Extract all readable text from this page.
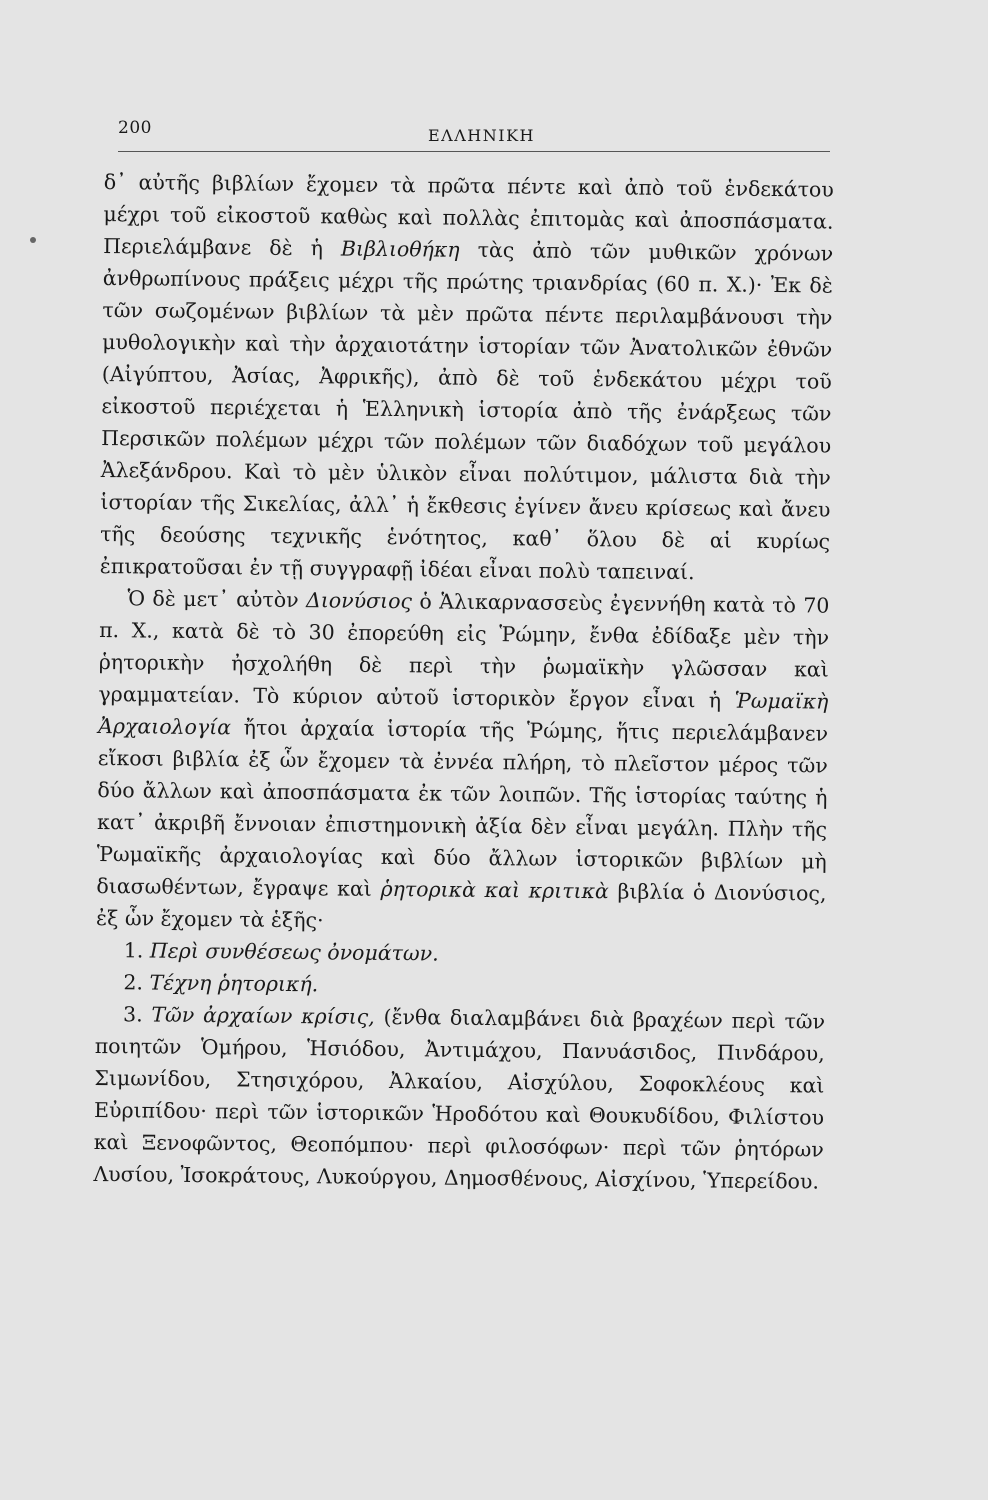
200	ΕΛΛΗΝΙΚΗ

δ᾽ αὐτῆς βιβλίων ἔχομεν τὰ πρῶτα πέντε καὶ ἀπὸ τοῦ ἑνδεκάτου μέχρι τοῦ εἰκοστοῦ καθὼς καὶ πολλὰς ἐπιτομὰς καὶ ἀποσπάσματα. Περιελάμβανε δὲ ἡ Βιβλιοθήκη τὰς ἀπὸ τῶν μυθικῶν χρόνων ἀνθρωπίνους πράξεις μέχρι τῆς πρώτης τριανδρίας (60 π. Χ.)· Ἐκ δὲ τῶν σωζομένων βιβλίων τὰ μὲν πρῶτα πέντε περιλαμβάνουσι τὴν μυθολογικὴν καὶ τὴν ἀρχαιοτάτην ἱστορίαν τῶν Ἀνατολικῶν ἐθνῶν (Αἰγύπτου, Ἀσίας, Ἀφρικῆς), ἀπὸ δὲ τοῦ ἑνδεκάτου μέχρι τοῦ εἰκοστοῦ περιέχεται ἡ Ἑλληνικὴ ἱστορία ἀπὸ τῆς ἐνάρξεως τῶν Περσικῶν πολέμων μέχρι τῶν πολέμων τῶν διαδόχων τοῦ μεγάλου Ἀλεξάνδρου. Καὶ τὸ μὲν ὑλικὸν εἶναι πολύτιμον, μάλιστα διὰ τὴν ἱστορίαν τῆς Σικελίας, ἀλλ᾽ ἡ ἔκθεσις ἐγίνεν ἄνευ κρίσεως καὶ ἄνευ τῆς δεούσης τεχνικῆς ἑνότητος, καθ᾽ ὅλου δὲ αἱ κυρίως ἐπικρατοῦσαι ἐν τῇ συγγραφῇ ἰδέαι εἶναι πολὺ ταπειναί.

Ὁ δὲ μετ᾽ αὐτὸν Διονύσιος ὁ Ἁλικαρνασσεὺς ἐγεννήθη κατὰ τὸ 70 π. Χ., κατὰ δὲ τὸ 30 ἐπορεύθη εἰς Ῥώμην, ἔνθα ἐδίδαξε μὲν τὴν ῥητορικὴν ἠσχολήθη δὲ περὶ τὴν ῥωμαϊκὴν γλῶσσαν καὶ γραμματείαν. Τὸ κύριον αὐτοῦ ἱστορικὸν ἔργον εἶναι ἡ Ῥωμαϊκὴ Ἀρχαιολογία ἤτοι ἀρχαία ἱστορία τῆς Ῥώμης, ἥτις περιελάμβανεν εἴκοσι βιβλία ἐξ ὧν ἔχομεν τὰ ἐννέα πλήρη, τὸ πλεῖστον μέρος τῶν δύο ἄλλων καὶ ἀποσπάσματα ἐκ τῶν λοιπῶν. Τῆς ἱστορίας ταύτης ἡ κατ᾽ ἀκριβῆ ἔννοιαν ἐπιστημονικὴ ἀξία δὲν εἶναι μεγάλη. Πλὴν τῆς Ῥωμαϊκῆς ἀρχαιολογίας καὶ δύο ἄλλων ἱστορικῶν βιβλίων μὴ διασωθέντων, ἔγραψε καὶ ῥητορικὰ καὶ κριτικὰ βιβλία ὁ Διονύσιος, ἐξ ὧν ἔχομεν τὰ ἑξῆς·

1. Περὶ συνθέσεως ὀνομάτων.
2. Τέχνη ῥητορική.
3. Τῶν ἀρχαίων κρίσις, (ἔνθα διαλαμβάνει διὰ βραχέων περὶ τῶν ποιητῶν Ὁμήρου, Ἡσιόδου, Ἀντιμάχου, Πανυάσιδος, Πινδάρου, Σιμωνίδου, Στησιχόρου, Ἀλκαίου, Αἰσχύλου, Σοφοκλέους καὶ Εὐριπίδου· περὶ τῶν ἱστορικῶν Ἡροδότου καὶ Θουκυδίδου, Φιλίστου καὶ Ξενοφῶντος, Θεοπόμπου· περὶ φιλοσόφων· περὶ τῶν ῥητόρων Λυσίου, Ἰσοκράτους, Λυκούργου, Δημοσθένους, Αἰσχίνου, Ὑπερείδου.
